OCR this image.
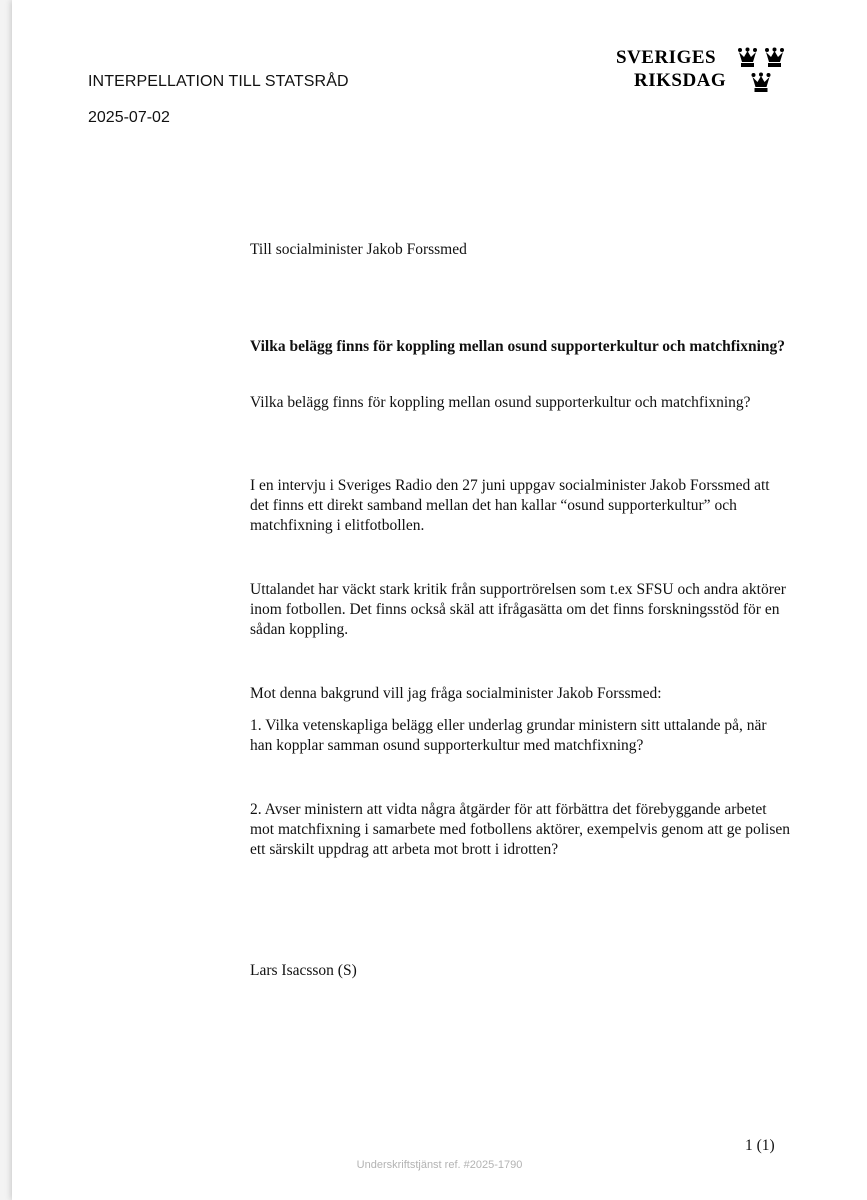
INTERPELLATION TILL STATSRÅD
2025-07-02
SVERIGES
RIKSDAG
Till socialminister Jakob Forssmed
Vilka belägg finns för koppling mellan osund supporterkultur och matchfixning?
Vilka belägg finns för koppling mellan osund supporterkultur och matchfixning?
I en intervju i Sveriges Radio den 27 juni uppgav socialminister Jakob Forssmed att det finns ett direkt samband mellan det han kallar “osund supporterkultur” och matchfixning i elitfotbollen.
Uttalandet har väckt stark kritik från supportrörelsen som t.ex SFSU och andra aktörer inom fotbollen. Det finns också skäl att ifrågasätta om det finns forskningsstöd för en sådan koppling.
Mot denna bakgrund vill jag fråga socialminister Jakob Forssmed:
1. Vilka vetenskapliga belägg eller underlag grundar ministern sitt uttalande på, när han kopplar samman osund supporterkultur med matchfixning?
2. Avser ministern att vidta några åtgärder för att förbättra det förebyggande arbetet mot matchfixning i samarbete med fotbollens aktörer, exempelvis genom att ge polisen ett särskilt uppdrag att arbeta mot brott i idrotten?
Lars Isacsson (S)
1 (1)
Underskriftstjänst ref. #2025-1790
